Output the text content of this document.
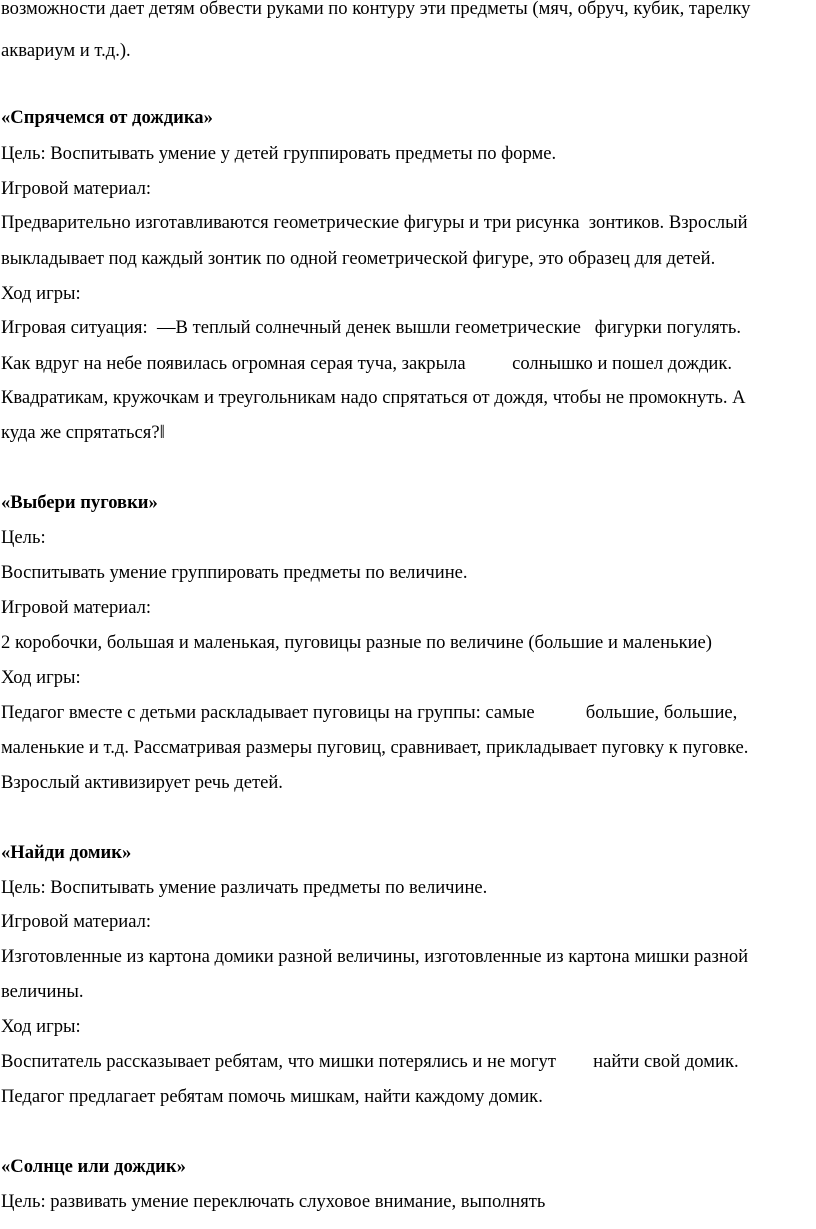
возможности дает детям обвести руками по контуру эти предметы (мяч, обруч, кубик, тарелку
аквариум и т.д.).
«Спрячемся от дождика»
Цель: Воспитывать умение у детей группировать предметы по форме.
Игровой материал:
Предварительно изготавливаются геометрические фигуры и три рисунка  зонтиков. Взрослый
выкладывает под каждый зонтик по одной геометрической фигуре, это образец для детей.
Ход игры:
Игровая ситуация:  ―В теплый солнечный денек вышли геометрические   фигурки погулять.
Как вдруг на небе появилась огромная серая туча, закрыла          солнышко и пошел дождик.
Квадратикам, кружочкам и треугольникам надо спрятаться от дождя, чтобы не промокнуть. А
куда же спрятаться?‖
«Выбери пуговки»
Цель:
Воспитывать умение группировать предметы по величине.
Игровой материал:
2 коробочки, большая и маленькая, пуговицы разные по величине (большие и маленькие)
Ход игры:
Педагог вместе с детьми раскладывает пуговицы на группы: самые           большие, большие,
маленькие и т.д. Рассматривая размеры пуговиц, сравнивает, прикладывает пуговку к пуговке.
Взрослый активизирует речь детей.
«Найди домик»
Цель: Воспитывать умение различать предметы по величине.
Игровой материал:
Изготовленные из картона домики разной величины, изготовленные из картона мишки разной
величины.
Ход игры:
Воспитатель рассказывает ребятам, что мишки потерялись и не могут        найти свой домик.
Педагог предлагает ребятам помочь мишкам, найти каждому домик.
«Солнце или дождик»
Цель: развивать умение переключать слуховое внимание, выполнять
